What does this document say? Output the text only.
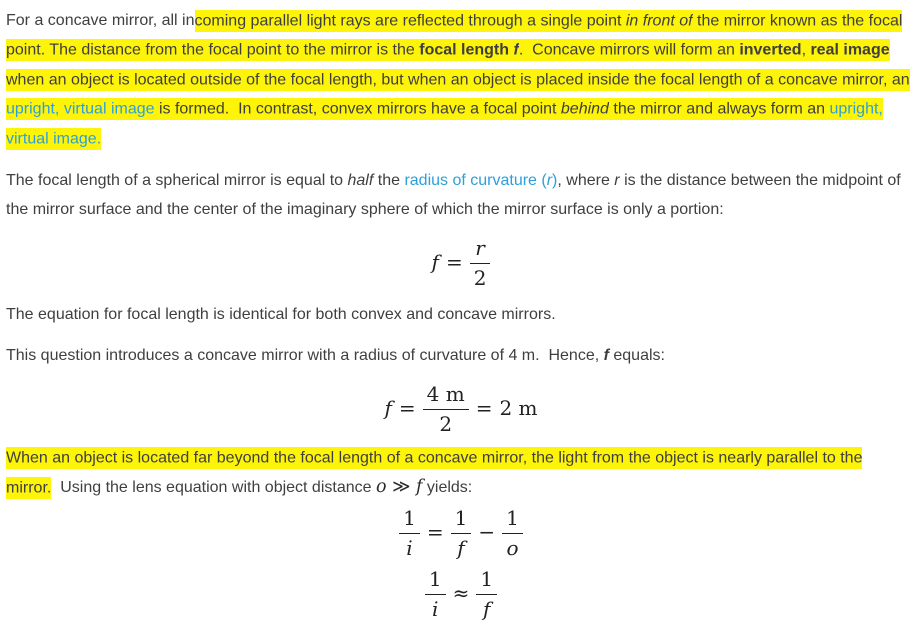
For a concave mirror, all incoming parallel light rays are reflected through a single point in front of the mirror known as the focal point. The distance from the focal point to the mirror is the focal length f.  Concave mirrors will form an inverted, real image when an object is located outside of the focal length, but when an object is placed inside the focal length of a concave mirror, an upright, virtual image is formed.  In contrast, convex mirrors have a focal point behind the mirror and always form an upright, virtual image.

The focal length of a spherical mirror is equal to half the radius of curvature (r), where r is the distance between the midpoint of the mirror surface and the center of the imaginary sphere of which the mirror surface is only a portion:

$f = \frac{r}{2}$

The equation for focal length is identical for both convex and concave mirrors.

This question introduces a concave mirror with a radius of curvature of 4 m.  Hence, f equals:

$f = \frac{4 m}{2} = 2$ m

When an object is located far beyond the focal length of a concave mirror, the light from the object is nearly parallel to the mirror.  Using the lens equation with object distance o ≫ f yields:

$\frac{1}{i} = \frac{1}{f} - \frac{1}{o}$
$\frac{1}{i} \approx \frac{1}{f}$
